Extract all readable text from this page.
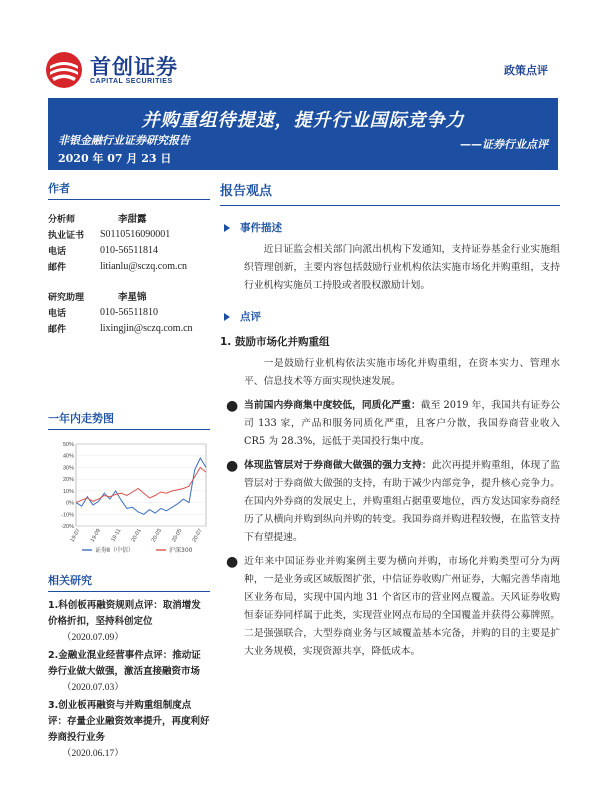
首创证券
CAPITAL SECURITIES
政策点评
并购重组待提速，提升行业国际竞争力
非银金融行业证券研究报告
2020 年 07 月 23 日
——证券行业点评
作者
分析师	李甜露
执业证书	S0110516090001
电话	010-56511814
邮件	litianlu@sczq.com.cn
研究助理	李星锦
电话	010-56511810
邮件	lixingjin@sczq.com.cn
一年内走势图
50%
40%
30%
20%
10%
0%
-10%
-20%
19-07 19-09 19-11 20-01 20-03 20-05 20-07
证券Ⅱ（中信）	沪深300
相关研究
1.科创板再融资规则点评：取消增发价格折扣，坚持科创定位
（2020.07.09）
2.金融业混业经营事件点评：推动证券行业做大做强，激活直接融资市场
（2020.07.03）
3.创业板再融资与并购重组制度点评：存量企业融资效率提升，再度利好券商投行业务
（2020.06.17）
报告观点
事件描述
近日证监会相关部门向派出机构下发通知，支持证券基金行业实施组织管理创新，主要内容包括鼓励行业机构依法实施市场化并购重组，支持行业机构实施员工持股或者股权激励计划。
点评
1. 鼓励市场化并购重组
一是鼓励行业机构依法实施市场化并购重组，在资本实力、管理水平、信息技术等方面实现快速发展。
● 当前国内券商集中度较低，同质化严重：截至 2019 年，我国共有证券公司 133 家，产品和服务同质化严重，且客户分散，我国券商营业收入 CR5 为 28.3%，远低于美国投行集中度。
● 体现监管层对于券商做大做强的强力支持：此次再提并购重组，体现了监管层对于券商做大做强的支持，有助于减少内部竞争，提升核心竞争力。在国内外券商的发展史上，并购重组占据重要地位，西方发达国家券商经历了从横向并购到纵向并购的转变。我国券商并购进程较慢，在监管支持下有望提速。
● 近年来中国证券业并购案例主要为横向并购，市场化并购类型可分为两种，一是业务或区域版图扩张，中信证券收购广州证券，大幅完善华南地区业务布局，实现中国内地 31 个省区市的营业网点覆盖。天风证券收购恒泰证券同样属于此类，实现营业网点布局的全国覆盖并获得公募牌照。二是强强联合，大型券商业务与区域覆盖基本完备，并购的目的主要是扩大业务规模，实现资源共享，降低成本。
